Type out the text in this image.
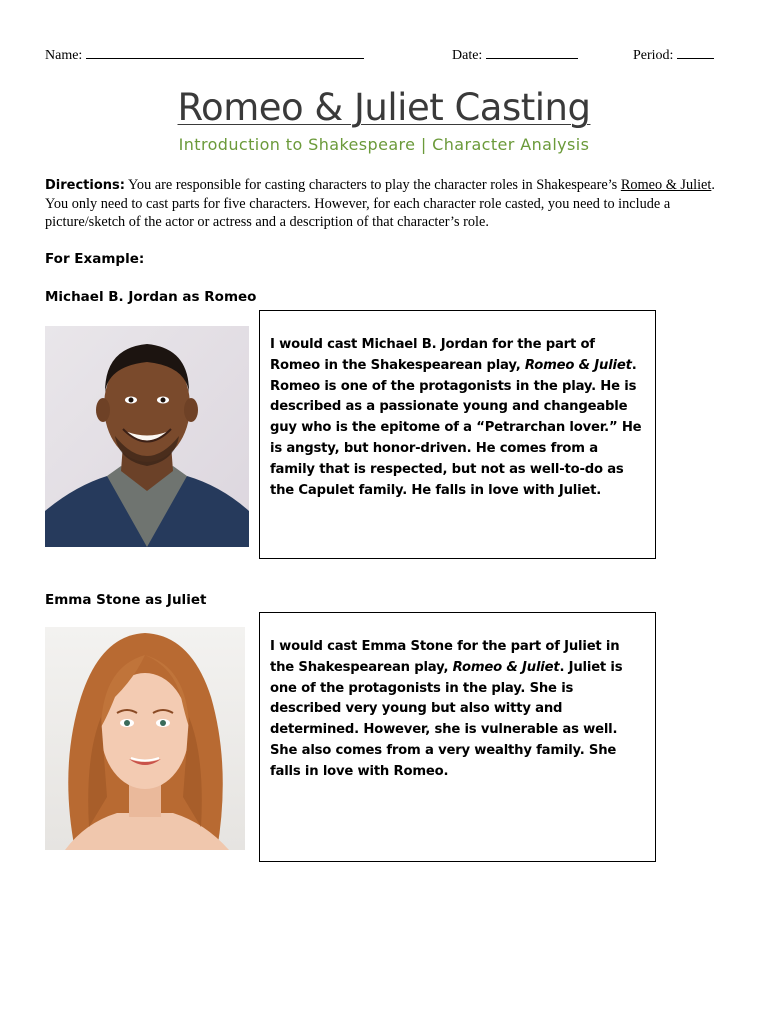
Name:	Date:	Period:
Romeo & Juliet Casting
Introduction to Shakespeare | Character Analysis
Directions: You are responsible for casting characters to play the character roles in Shakespeare’s Romeo & Juliet. You only need to cast parts for five characters. However, for each character role casted, you need to include a picture/sketch of the actor or actress and a description of that character’s role.
For Example:
Michael B. Jordan as Romeo
I would cast Michael B. Jordan for the part of Romeo in the Shakespearean play, Romeo & Juliet. Romeo is one of the protagonists in the play. He is described as a passionate young and changeable guy who is the epitome of a “Petrarchan lover.” He is angsty, but honor-driven. He comes from a family that is respected, but not as well-to-do as the Capulet family. He falls in love with Juliet.
Emma Stone as Juliet
I would cast Emma Stone for the part of Juliet in the Shakespearean play, Romeo & Juliet. Juliet is one of the protagonists in the play. She is described very young but also witty and determined. However, she is vulnerable as well. She also comes from a very wealthy family. She falls in love with Romeo.
